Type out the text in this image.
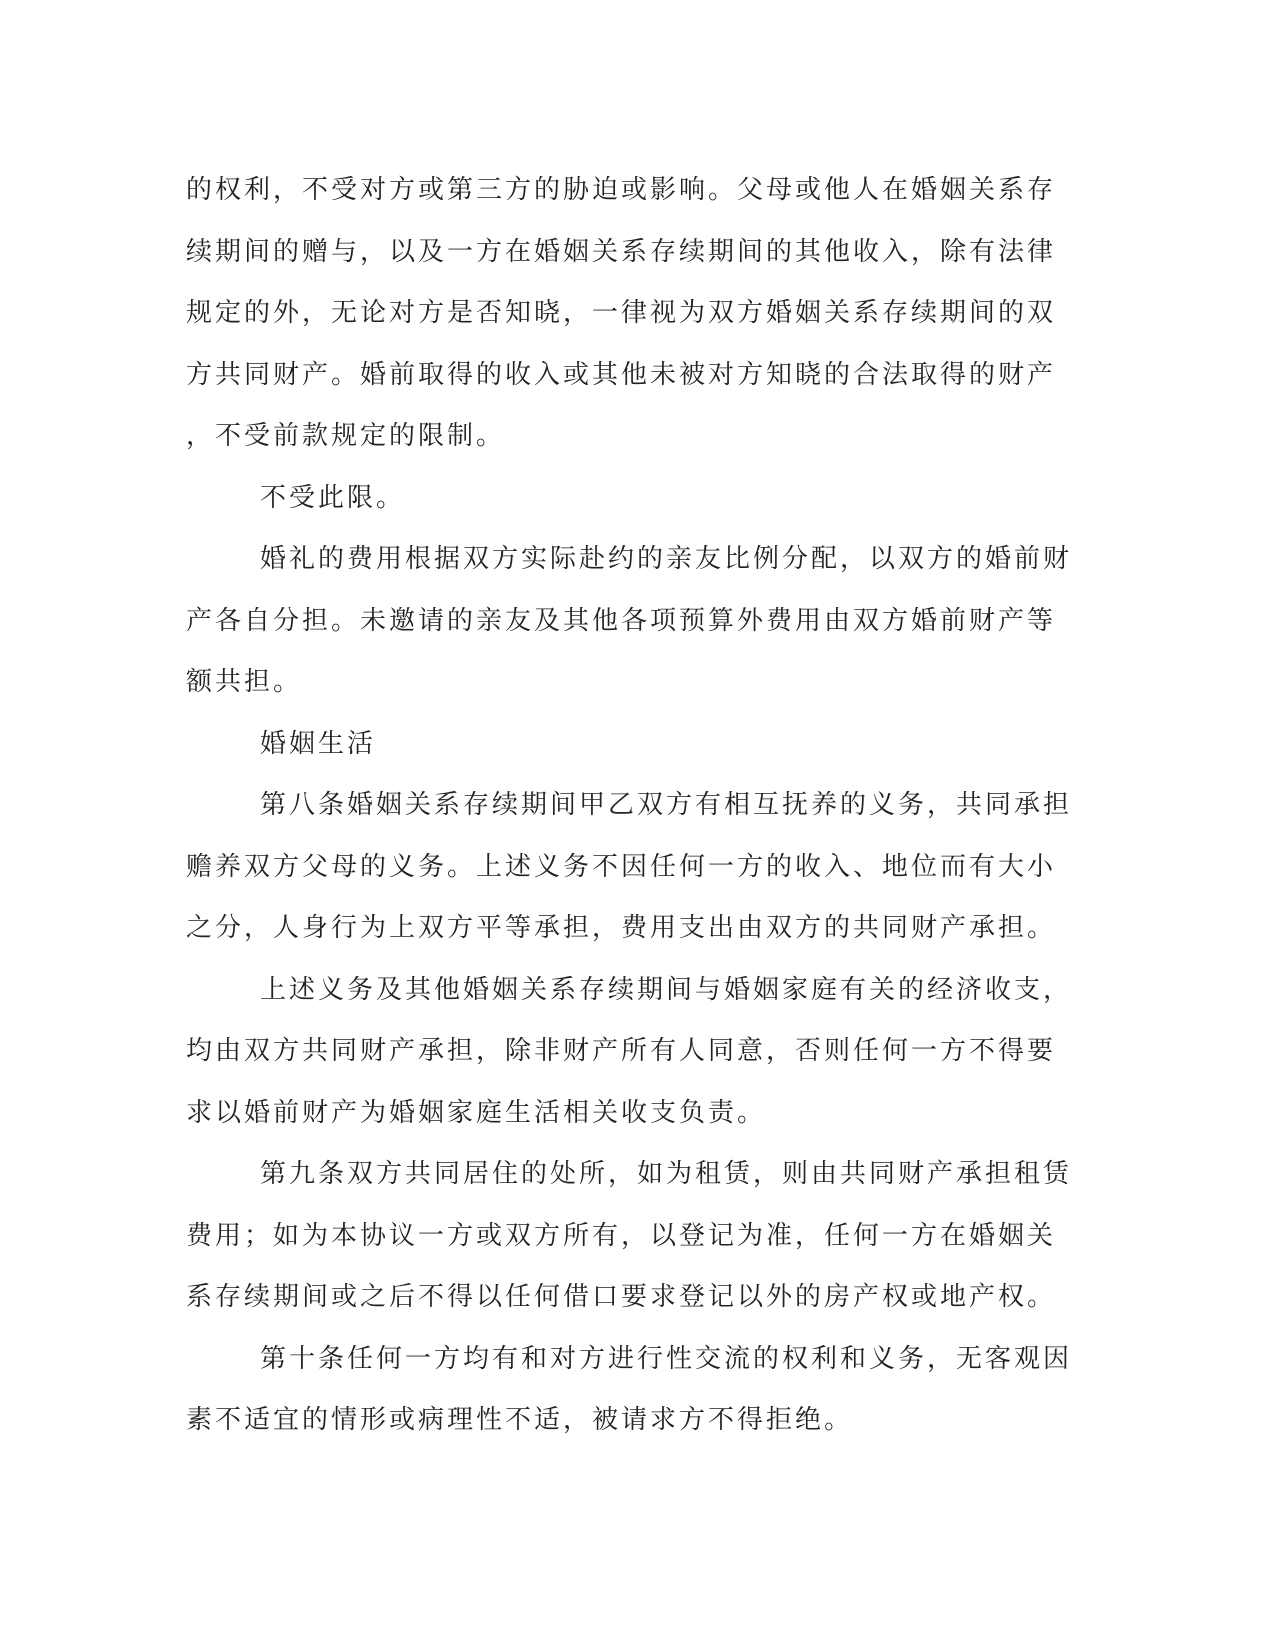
的权利，不受对方或第三方的胁迫或影响。父母或他人在婚姻关系存
续期间的赠与，以及一方在婚姻关系存续期间的其他收入，除有法律
规定的外，无论对方是否知晓，一律视为双方婚姻关系存续期间的双
方共同财产。婚前取得的收入或其他未被对方知晓的合法取得的财产
，不受前款规定的限制。
不受此限。
婚礼的费用根据双方实际赴约的亲友比例分配，以双方的婚前财
产各自分担。未邀请的亲友及其他各项预算外费用由双方婚前财产等
额共担。
婚姻生活
第八条婚姻关系存续期间甲乙双方有相互抚养的义务，共同承担
赡养双方父母的义务。上述义务不因任何一方的收入、地位而有大小
之分，人身行为上双方平等承担，费用支出由双方的共同财产承担。
上述义务及其他婚姻关系存续期间与婚姻家庭有关的经济收支，
均由双方共同财产承担，除非财产所有人同意，否则任何一方不得要
求以婚前财产为婚姻家庭生活相关收支负责。
第九条双方共同居住的处所，如为租赁，则由共同财产承担租赁
费用；如为本协议一方或双方所有，以登记为准，任何一方在婚姻关
系存续期间或之后不得以任何借口要求登记以外的房产权或地产权。
第十条任何一方均有和对方进行性交流的权利和义务，无客观因
素不适宜的情形或病理性不适，被请求方不得拒绝。
